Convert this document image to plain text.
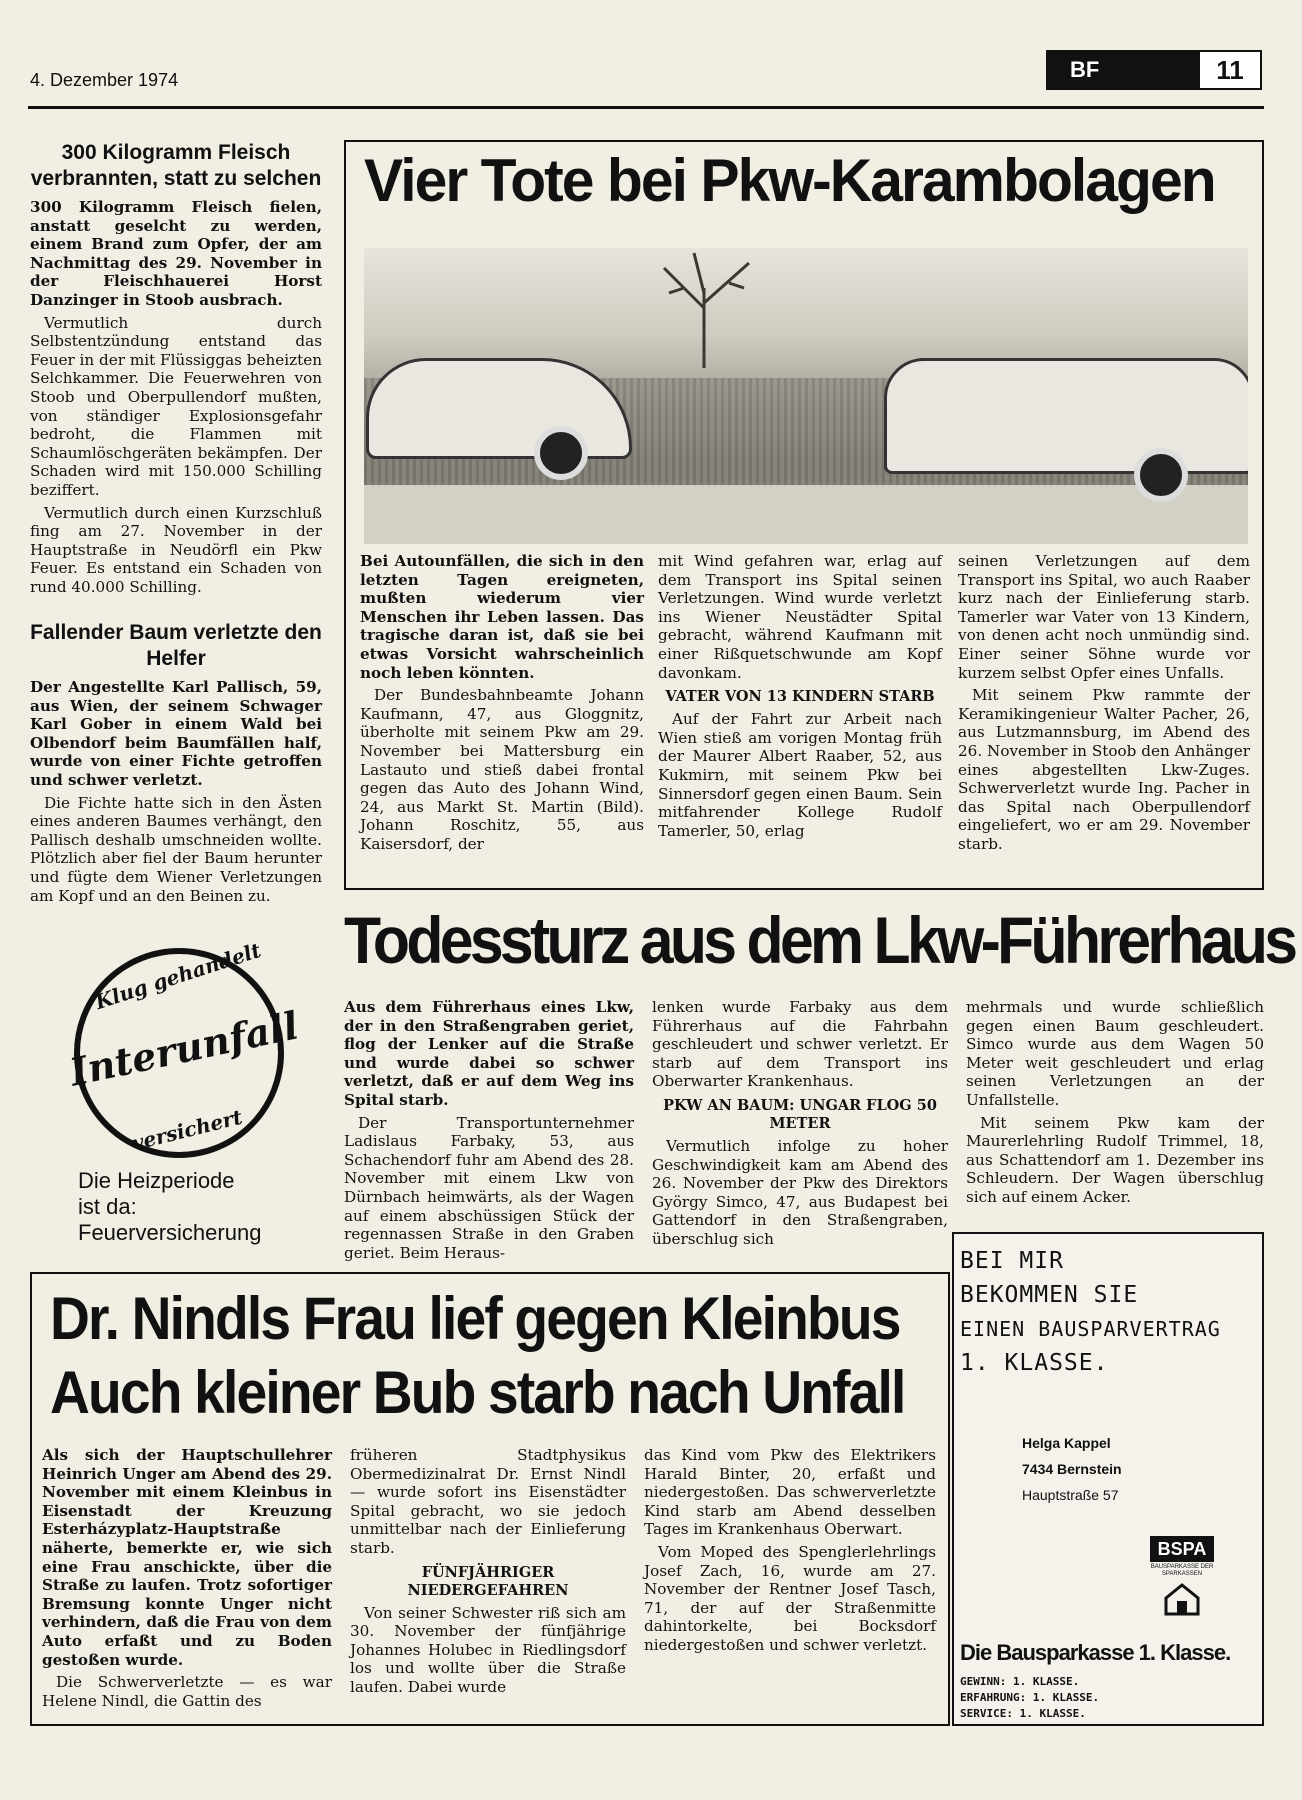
4. Dezember 1974	BF	11
300 Kilogramm Fleisch verbrannten, statt zu selchen

300 Kilogramm Fleisch fielen, anstatt geselcht zu werden, einem Brand zum Opfer, der am Nachmittag des 29. November in der Fleischhauerei Horst Danzinger in Stoob ausbrach.

Vermutlich durch Selbstentzündung entstand das Feuer in der mit Flüssiggas beheizten Selchkammer. Die Feuerwehren von Stoob und Oberpullendorf mußten, von ständiger Explosionsgefahr bedroht, die Flammen mit Schaumlöschgeräten bekämpfen. Der Schaden wird mit 150.000 Schilling beziffert.

Vermutlich durch einen Kurzschluß fing am 27. November in der Hauptstraße in Neudörfl ein Pkw Feuer. Es entstand ein Schaden von rund 40.000 Schilling.

Fallender Baum verletzte den Helfer

Der Angestellte Karl Pallisch, 59, aus Wien, der seinem Schwager Karl Gober in einem Wald bei Olbendorf beim Baumfällen half, wurde von einer Fichte getroffen und schwer verletzt.

Die Fichte hatte sich in den Ästen eines anderen Baumes verhängt, den Pallisch deshalb umschneiden wollte. Plötzlich aber fiel der Baum herunter und fügte dem Wiener Verletzungen am Kopf und an den Beinen zu.

Klug gehandelt
Interunfall
versichert
Die Heizperiode
ist da:
Feuerversicherung
Vier Tote bei Pkw-Karambolagen

Bei Autounfällen, die sich in den letzten Tagen ereigneten, mußten wiederum vier Menschen ihr Leben lassen. Das tragische daran ist, daß sie bei etwas Vorsicht wahrscheinlich noch leben könnten.

Der Bundesbahnbeamte Johann Kaufmann, 47, aus Gloggnitz, überholte mit seinem Pkw am 29. November bei Mattersburg ein Lastauto und stieß dabei frontal gegen das Auto des Johann Wind, 24, aus Markt St. Martin (Bild). Johann Roschitz, 55, aus Kaisersdorf, der

mit Wind gefahren war, erlag auf dem Transport ins Spital seinen Verletzungen. Wind wurde verletzt ins Wiener Neustädter Spital gebracht, während Kaufmann mit einer Rißquetschwunde am Kopf davonkam.

VATER VON 13 KINDERN STARB

Auf der Fahrt zur Arbeit nach Wien stieß am vorigen Montag früh der Maurer Albert Raaber, 52, aus Kukmirn, mit seinem Pkw bei Sinnersdorf gegen einen Baum. Sein mitfahrender Kollege Rudolf Tamerler, 50, erlag

seinen Verletzungen auf dem Transport ins Spital, wo auch Raaber kurz nach der Einlieferung starb. Tamerler war Vater von 13 Kindern, von denen acht noch unmündig sind. Einer seiner Söhne wurde vor kurzem selbst Opfer eines Unfalls.

Mit seinem Pkw rammte der Keramikingenieur Walter Pacher, 26, aus Lutzmannsburg, im Abend des 26. November in Stoob den Anhänger eines abgestellten Lkw-Zuges. Schwerverletzt wurde Ing. Pacher in das Spital nach Oberpullendorf eingeliefert, wo er am 29. November starb.

Todessturz aus dem Lkw-Führerhaus

Aus dem Führerhaus eines Lkw, der in den Straßengraben geriet, flog der Lenker auf die Straße und wurde dabei so schwer verletzt, daß er auf dem Weg ins Spital starb.

Der Transportunternehmer Ladislaus Farbaky, 53, aus Schachendorf fuhr am Abend des 28. November mit einem Lkw von Dürnbach heimwärts, als der Wagen auf einem abschüssigen Stück der regennassen Straße in den Graben geriet. Beim Heraus-

lenken wurde Farbaky aus dem Führerhaus auf die Fahrbahn geschleudert und schwer verletzt. Er starb auf dem Transport ins Oberwarter Krankenhaus.

PKW AN BAUM: UNGAR FLOG 50 METER

Vermutlich infolge zu hoher Geschwindigkeit kam am Abend des 26. November der Pkw des Direktors György Simco, 47, aus Budapest bei Gattendorf in den Straßengraben, überschlug sich

mehrmals und wurde schließlich gegen einen Baum geschleudert. Simco wurde aus dem Wagen 50 Meter weit geschleudert und erlag seinen Verletzungen an der Unfallstelle.

Mit seinem Pkw kam der Maurerlehrling Rudolf Trimmel, 18, aus Schattendorf am 1. Dezember ins Schleudern. Der Wagen überschlug sich auf einem Acker.

Dr. Nindls Frau lief gegen Kleinbus
Auch kleiner Bub starb nach Unfall

Als sich der Hauptschullehrer Heinrich Unger am Abend des 29. November mit einem Kleinbus in Eisenstadt der Kreuzung Esterházyplatz-Hauptstraße näherte, bemerkte er, wie sich eine Frau anschickte, über die Straße zu laufen. Trotz sofortiger Bremsung konnte Unger nicht verhindern, daß die Frau von dem Auto erfaßt und zu Boden gestoßen wurde.

Die Schwerverletzte — es war Helene Nindl, die Gattin des

früheren Stadtphysikus Obermedizinalrat Dr. Ernst Nindl — wurde sofort ins Eisenstädter Spital gebracht, wo sie jedoch unmittelbar nach der Einlieferung starb.

FÜNFJÄHRIGER NIEDERGEFAHREN

Von seiner Schwester riß sich am 30. November der fünfjährige Johannes Holubec in Riedlingsdorf los und wollte über die Straße laufen. Dabei wurde

das Kind vom Pkw des Elektrikers Harald Binter, 20, erfaßt und niedergestoßen. Das schwerverletzte Kind starb am Abend desselben Tages im Krankenhaus Oberwart.

Vom Moped des Spenglerlehrlings Josef Zach, 16, wurde am 27. November der Rentner Josef Tasch, 71, der auf der Straßenmitte dahintorkelte, bei Bocksdorf niedergestoßen und schwer verletzt.

BEI MIR
BEKOMMEN SIE
EINEN BAUSPARVERTRAG
1. KLASSE.
Helga Kappel
7434 Bernstein
Hauptstraße 57
BSPA
BAUSPARKASSE DER SPARKASSEN
Die Bausparkasse 1. Klasse.
GEWINN: 1. KLASSE.
ERFAHRUNG: 1. KLASSE.
SERVICE: 1. KLASSE.
